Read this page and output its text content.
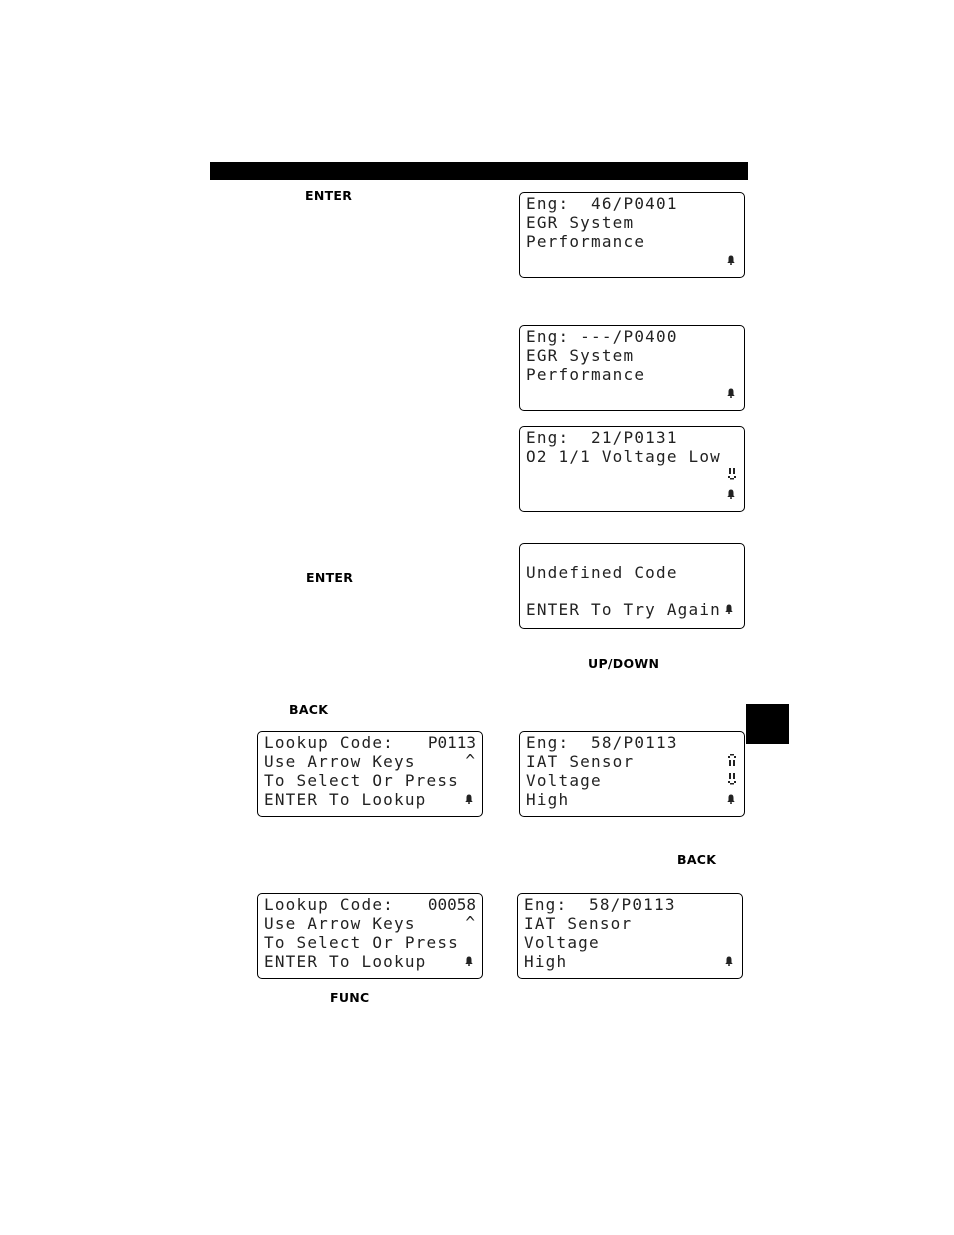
ENTER
ENTER
UP/DOWN
BACK
BACK
FUNC
Eng:  46/P0401
EGR System
Performance
Eng: ---/P0400
EGR System
Performance
Eng:  21/P0131
O2 1/1 Voltage Low
Undefined Code
ENTER To Try Again
Lookup Code: P0113
Use Arrow Keys	^
To Select Or Press
ENTER To Lookup
Eng:  58/P0113
IAT Sensor
Voltage
High
Lookup Code: 00058
Use Arrow Keys	^
To Select Or Press
ENTER To Lookup
Eng:  58/P0113
IAT Sensor
Voltage
High
